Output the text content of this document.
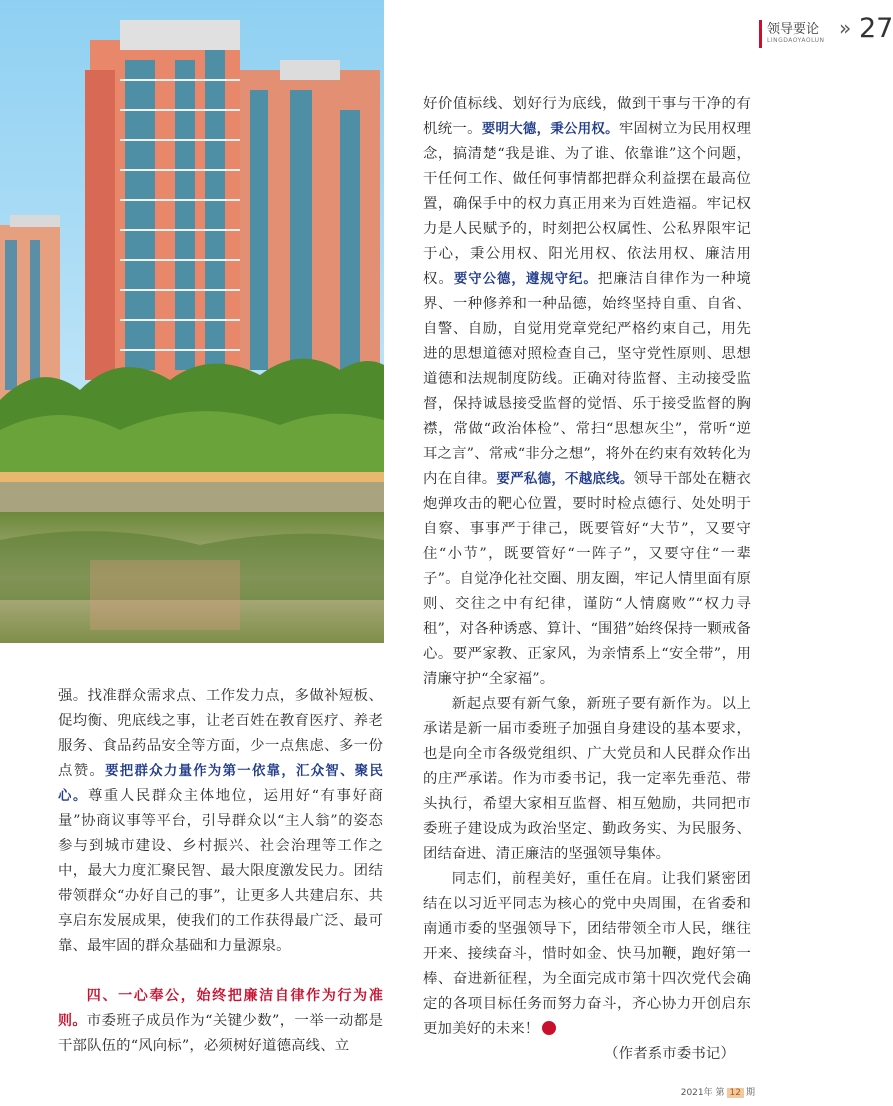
领导要论
LINGDAOYAOLUN
» 27

好价值标线、划好行为底线，做到干事与干净的有机统一。要明大德，秉公用权。牢固树立为民用权理念，搞清楚“我是谁、为了谁、依靠谁”这个问题，干任何工作、做任何事情都把群众利益摆在最高位置，确保手中的权力真正用来为百姓造福。牢记权力是人民赋予的，时刻把公权属性、公私界限牢记于心，秉公用权、阳光用权、依法用权、廉洁用权。要守公德，遵规守纪。把廉洁自律作为一种境界、一种修养和一种品德，始终坚持自重、自省、自警、自励，自觉用党章党纪严格约束自己，用先进的思想道德对照检查自己，坚守党性原则、思想道德和法规制度防线。正确对待监督、主动接受监督，保持诚恳接受监督的觉悟、乐于接受监督的胸襟，常做“政治体检”、常扫“思想灰尘”，常听“逆耳之言”、常戒“非分之想”，将外在约束有效转化为内在自律。要严私德，不越底线。领导干部处在糖衣炮弹攻击的靶心位置，要时时检点德行、处处明于自察、事事严于律己，既要管好“大节”，又要守住“小节”，既要管好“一阵子”，又要守住“一辈子”。自觉净化社交圈、朋友圈，牢记人情里面有原则、交往之中有纪律，谨防“人情腐败”“权力寻租”，对各种诱惑、算计、“围猎”始终保持一颗戒备心。要严家教、正家风，为亲情系上“安全带”，用清廉守护“全家福”。

新起点要有新气象，新班子要有新作为。以上承诺是新一届市委班子加强自身建设的基本要求，也是向全市各级党组织、广大党员和人民群众作出的庄严承诺。作为市委书记，我一定率先垂范、带头执行，希望大家相互监督、相互勉励，共同把市委班子建设成为政治坚定、勤政务实、为民服务、团结奋进、清正廉洁的坚强领导集体。

同志们，前程美好，重任在肩。让我们紧密团结在以习近平同志为核心的党中央周围，在省委和南通市委的坚强领导下，团结带领全市人民，继往开来、接续奋斗，惜时如金、快马加鞭，跑好第一棒、奋进新征程，为全面完成市第十四次党代会确定的各项目标任务而努力奋斗，齐心协力开创启东更加美好的未来！

（作者系市委书记）

强。找准群众需求点、工作发力点，多做补短板、促均衡、兜底线之事，让老百姓在教育医疗、养老服务、食品药品安全等方面，少一点焦虑、多一份点赞。要把群众力量作为第一依靠，汇众智、聚民心。尊重人民群众主体地位，运用好“有事好商量”协商议事等平台，引导群众以“主人翁”的姿态参与到城市建设、乡村振兴、社会治理等工作之中，最大力度汇聚民智、最大限度激发民力。团结带领群众“办好自己的事”，让更多人共建启东、共享启东发展成果，使我们的工作获得最广泛、最可靠、最牢固的群众基础和力量源泉。

四、一心奉公，始终把廉洁自律作为行为准则。市委班子成员作为“关键少数”，一举一动都是干部队伍的“风向标”，必须树好道德高线、立

2021年 第 12 期
